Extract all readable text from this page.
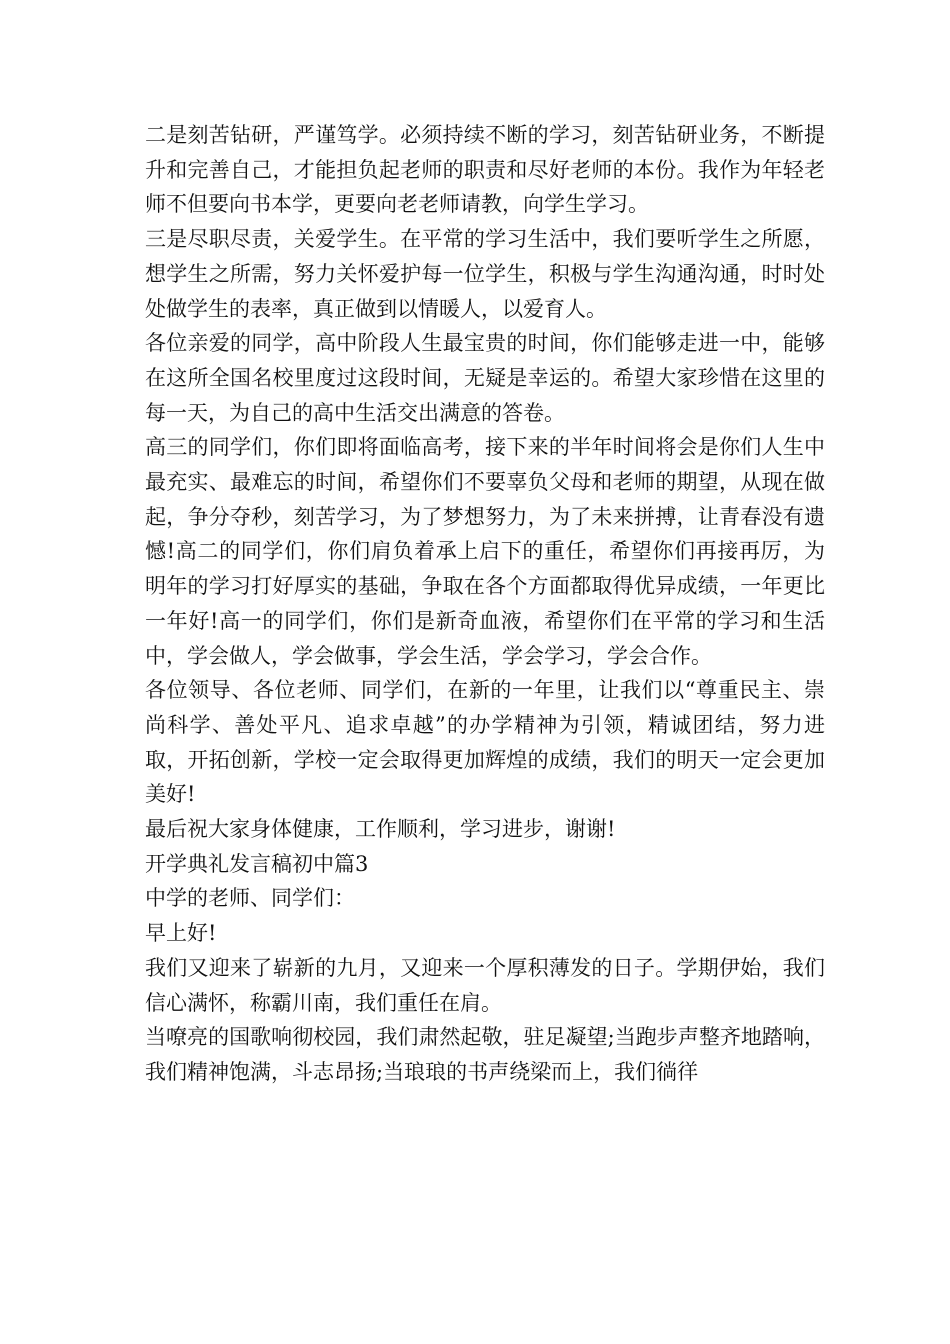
二是刻苦钻研，严谨笃学。必须持续不断的学习，刻苦钻研业务，不断提升和完善自己，才能担负起老师的职责和尽好老师的本份。我作为年轻老师不但要向书本学，更要向老老师请教，向学生学习。

三是尽职尽责，关爱学生。在平常的学习生活中，我们要听学生之所愿，想学生之所需，努力关怀爱护每一位学生，积极与学生沟通沟通，时时处处做学生的表率，真正做到以情暖人，以爱育人。

各位亲爱的同学，高中阶段人生最宝贵的时间，你们能够走进一中，能够在这所全国名校里度过这段时间，无疑是幸运的。希望大家珍惜在这里的每一天，为自己的高中生活交出满意的答卷。

高三的同学们，你们即将面临高考，接下来的半年时间将会是你们人生中最充实、最难忘的时间，希望你们不要辜负父母和老师的期望，从现在做起，争分夺秒，刻苦学习，为了梦想努力，为了未来拼搏，让青春没有遗憾!高二的同学们，你们肩负着承上启下的重任，希望你们再接再厉，为明年的学习打好厚实的基础，争取在各个方面都取得优异成绩，一年更比一年好!高一的同学们，你们是新奇血液，希望你们在平常的学习和生活中，学会做人，学会做事，学会生活，学会学习，学会合作。

各位领导、各位老师、同学们，在新的一年里，让我们以“尊重民主、崇尚科学、善处平凡、追求卓越”的办学精神为引领，精诚团结，努力进取，开拓创新，学校一定会取得更加辉煌的成绩，我们的明天一定会更加美好!

最后祝大家身体健康，工作顺利，学习进步，谢谢!

开学典礼发言稿初中篇3

中学的老师、同学们：

早上好!

我们又迎来了崭新的九月，又迎来一个厚积薄发的日子。学期伊始，我们信心满怀，称霸川南，我们重任在肩。

当嘹亮的国歌响彻校园，我们肃然起敬，驻足凝望;当跑步声整齐地踏响，我们精神饱满，斗志昂扬;当琅琅的书声绕梁而上，我们徜徉
